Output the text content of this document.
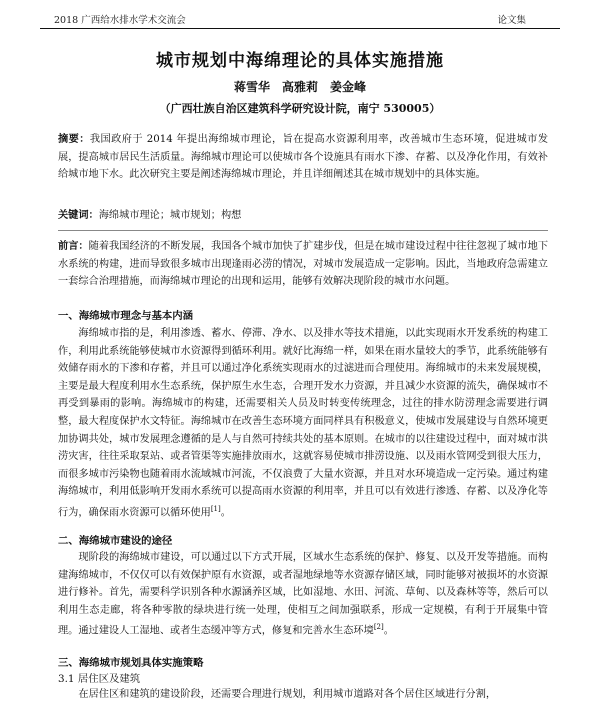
2018 广西给水排水学术交流会	论文集
城市规划中海绵理论的具体实施措施
蒋雪华　高雅莉　姜金峰
（广西壮族自治区建筑科学研究设计院，南宁 530005）
摘要：我国政府于 2014 年提出海绵城市理论，旨在提高水资源利用率，改善城市生态环境，促进城市发展，提高城市居民生活质量。海绵城市理论可以使城市各个设施具有雨水下渗、存蓄、以及净化作用，有效补给城市地下水。此次研究主要是阐述海绵城市理论，并且详细阐述其在城市规划中的具体实施。
关键词：海绵城市理论；城市规划；构想
前言：随着我国经济的不断发展，我国各个城市加快了扩建步伐，但是在城市建设过程中往往忽视了城市地下水系统的构建，进而导致很多城市出现逢雨必涝的情况，对城市发展造成一定影响。因此，当地政府急需建立一套综合治理措施，而海绵城市理论的出现和运用，能够有效解决现阶段的城市水问题。
一、海绵城市理念与基本内涵
海绵城市指的是，利用渗透、蓄水、停滞、净水、以及排水等技术措施，以此实现雨水开发系统的构建工作，利用此系统能够使城市水资源得到循环利用。就好比海绵一样，如果在雨水量较大的季节，此系统能够有效储存雨水的下渗和存蓄，并且可以通过净化系统实现雨水的过滤进而合理使用。海绵城市的未来发展规模，主要是最大程度利用水生态系统，保护原生水生态，合理开发水力资源，并且减少水资源的流失，确保城市不再受到暴雨的影响。海绵城市的构建，还需要相关人员及时转变传统理念，过往的排水防涝理念需要进行调整，最大程度保护水文特征。海绵城市在改善生态环境方面同样具有积极意义，使城市发展建设与自然环境更加协调共处，城市发展理念遵循的是人与自然可持续共处的基本原则。在城市的以往建设过程中，面对城市洪涝灾害，往往采取泵站、或者管渠等实施排放雨水，这就容易使城市排涝设施、以及雨水管网受到很大压力，而很多城市污染物也随着雨水流域城市河流，不仅浪费了大量水资源，并且对水环境造成一定污染。通过构建海绵城市，利用低影响开发雨水系统可以提高雨水资源的利用率，并且可以有效进行渗透、存蓄、以及净化等行为，确保雨水资源可以循环使用[1]。
二、海绵城市建设的途径
现阶段的海绵城市建设，可以通过以下方式开展，区域水生态系统的保护、修复、以及开发等措施。而构建海绵城市，不仅仅可以有效保护原有水资源，或者湿地绿地等水资源存储区域，同时能够对被损坏的水资源进行修补。首先，需要科学识别各种水源涵养区域，比如湿地、水田、河流、草甸、以及森林等等，然后可以利用生态走廊，将各种零散的绿块进行统一处理，使相互之间加强联系，形成一定规模，有利于开展集中管理。通过建设人工湿地、或者生态缓冲等方式，修复和完善水生态环境[2]。
三、海绵城市规划具体实施策略
3.1 居住区及建筑
在居住区和建筑的建设阶段，还需要合理进行规划，利用城市道路对各个居住区域进行分割，
